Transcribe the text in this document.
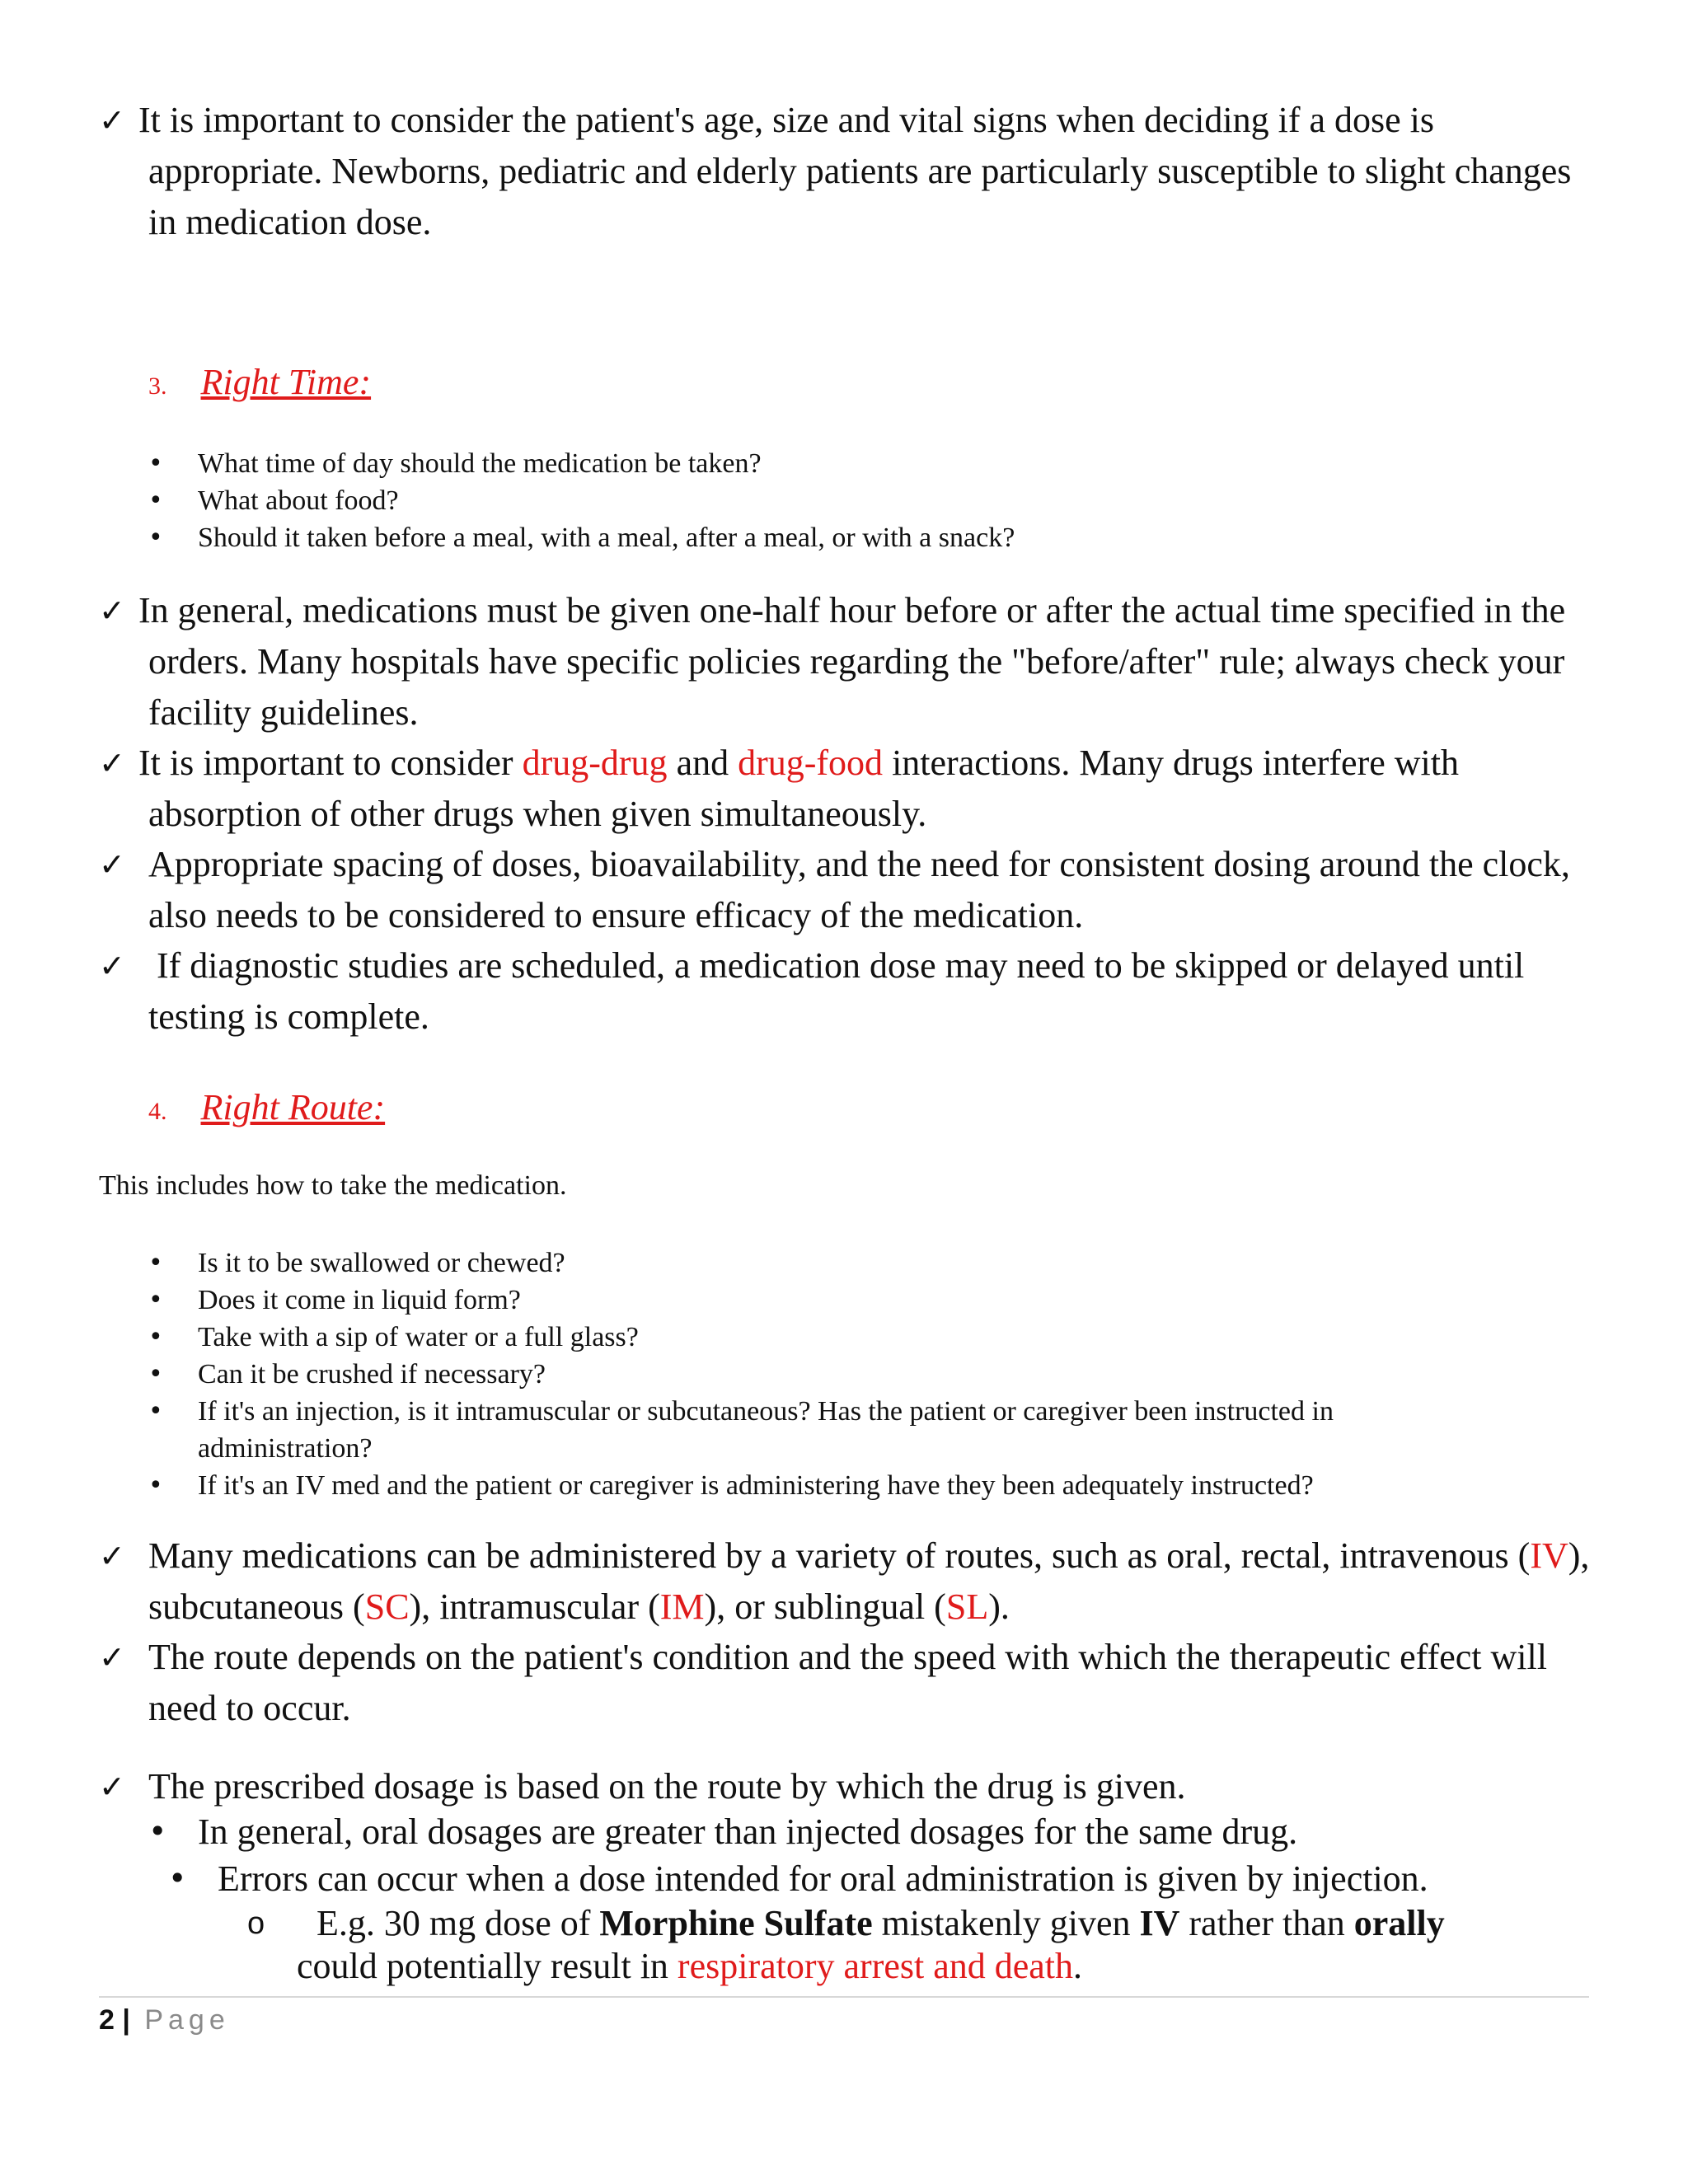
✓ It is important to consider the patient's age, size and vital signs when deciding if a dose is appropriate. Newborns, pediatric and elderly patients are particularly susceptible to slight changes in medication dose.
3. Right Time:
• What time of day should the medication be taken?
• What about food?
• Should it taken before a meal, with a meal, after a meal, or with a snack?
✓ In general, medications must be given one-half hour before or after the actual time specified in the orders. Many hospitals have specific policies regarding the "before/after" rule; always check your facility guidelines.
✓ It is important to consider drug-drug and drug-food interactions. Many drugs interfere with absorption of other drugs when given simultaneously.
✓ Appropriate spacing of doses, bioavailability, and the need for consistent dosing around the clock, also needs to be considered to ensure efficacy of the medication.
✓ If diagnostic studies are scheduled, a medication dose may need to be skipped or delayed until testing is complete.
4. Right Route:
This includes how to take the medication.
• Is it to be swallowed or chewed?
• Does it come in liquid form?
• Take with a sip of water or a full glass?
• Can it be crushed if necessary?
• If it's an injection, is it intramuscular or subcutaneous? Has the patient or caregiver been instructed in administration?
• If it's an IV med and the patient or caregiver is administering have they been adequately instructed?
✓ Many medications can be administered by a variety of routes, such as oral, rectal, intravenous (IV), subcutaneous (SC), intramuscular (IM), or sublingual (SL).
✓ The route depends on the patient's condition and the speed with which the therapeutic effect will need to occur.
✓ The prescribed dosage is based on the route by which the drug is given.
• In general, oral dosages are greater than injected dosages for the same drug.
• Errors can occur when a dose intended for oral administration is given by injection.
o	E.g. 30 mg dose of Morphine Sulfate mistakenly given IV rather than orally could potentially result in respiratory arrest and death.
2 | Page
